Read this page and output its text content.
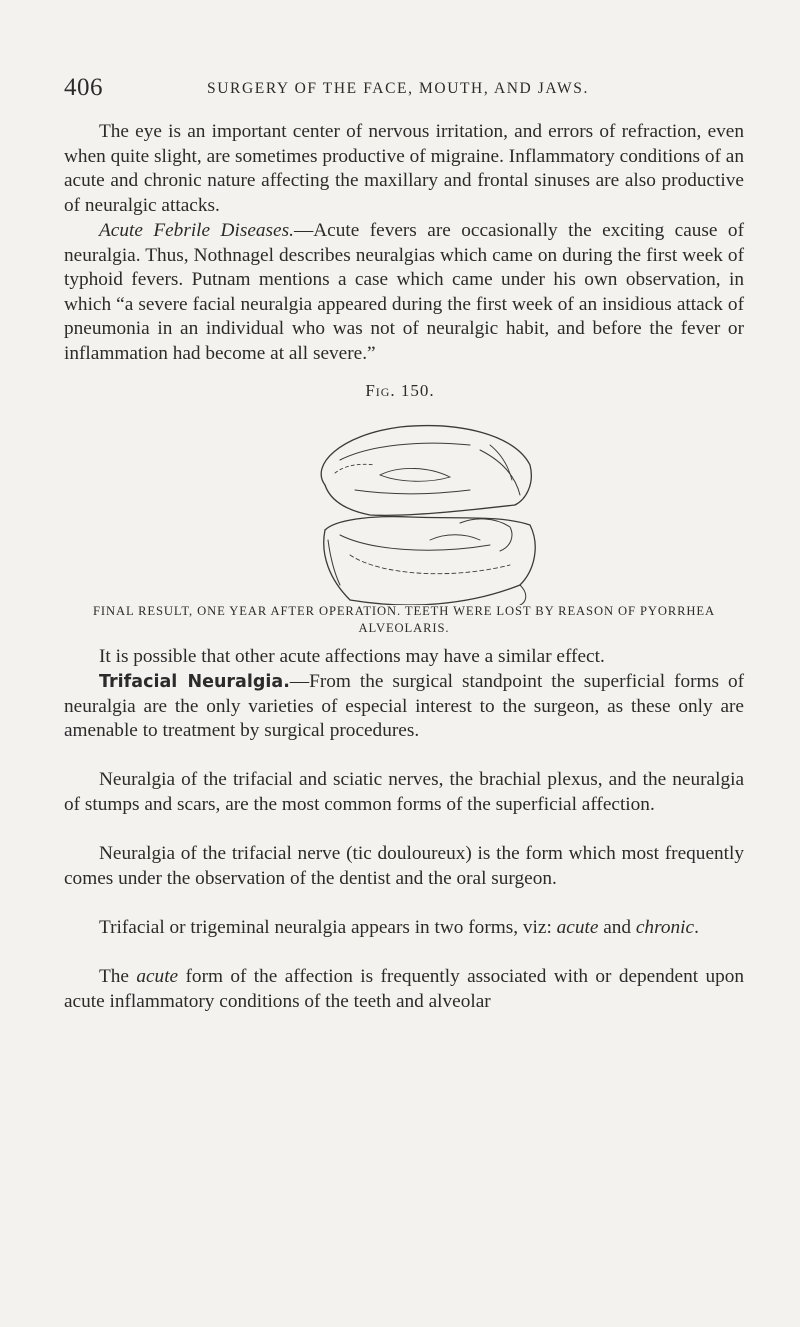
406	SURGERY OF THE FACE, MOUTH, AND JAWS.

The eye is an important center of nervous irritation, and errors of refraction, even when quite slight, are sometimes productive of migraine. Inflammatory conditions of an acute and chronic nature affecting the maxillary and frontal sinuses are also productive of neuralgic attacks.

Acute Febrile Diseases.—Acute fevers are occasionally the exciting cause of neuralgia. Thus, Nothnagel describes neuralgias which came on during the first week of typhoid fevers. Putnam mentions a case which came under his own observation, in which “a severe facial neuralgia appeared during the first week of an insidious attack of pneumonia in an individual who was not of neuralgic habit, and before the fever or inflammation had become at all severe.”

Fig. 150.
FINAL RESULT, ONE YEAR AFTER OPERATION. TEETH WERE LOST BY REASON OF PYORRHEA ALVEOLARIS.

It is possible that other acute affections may have a similar effect.

Trifacial Neuralgia.—From the surgical standpoint the superficial forms of neuralgia are the only varieties of especial interest to the surgeon, as these only are amenable to treatment by surgical procedures.

Neuralgia of the trifacial and sciatic nerves, the brachial plexus, and the neuralgia of stumps and scars, are the most common forms of the superficial affection.

Neuralgia of the trifacial nerve (tic douloureux) is the form which most frequently comes under the observation of the dentist and the oral surgeon.

Trifacial or trigeminal neuralgia appears in two forms, viz: acute and chronic.

The acute form of the affection is frequently associated with or dependent upon acute inflammatory conditions of the teeth and alveolar
